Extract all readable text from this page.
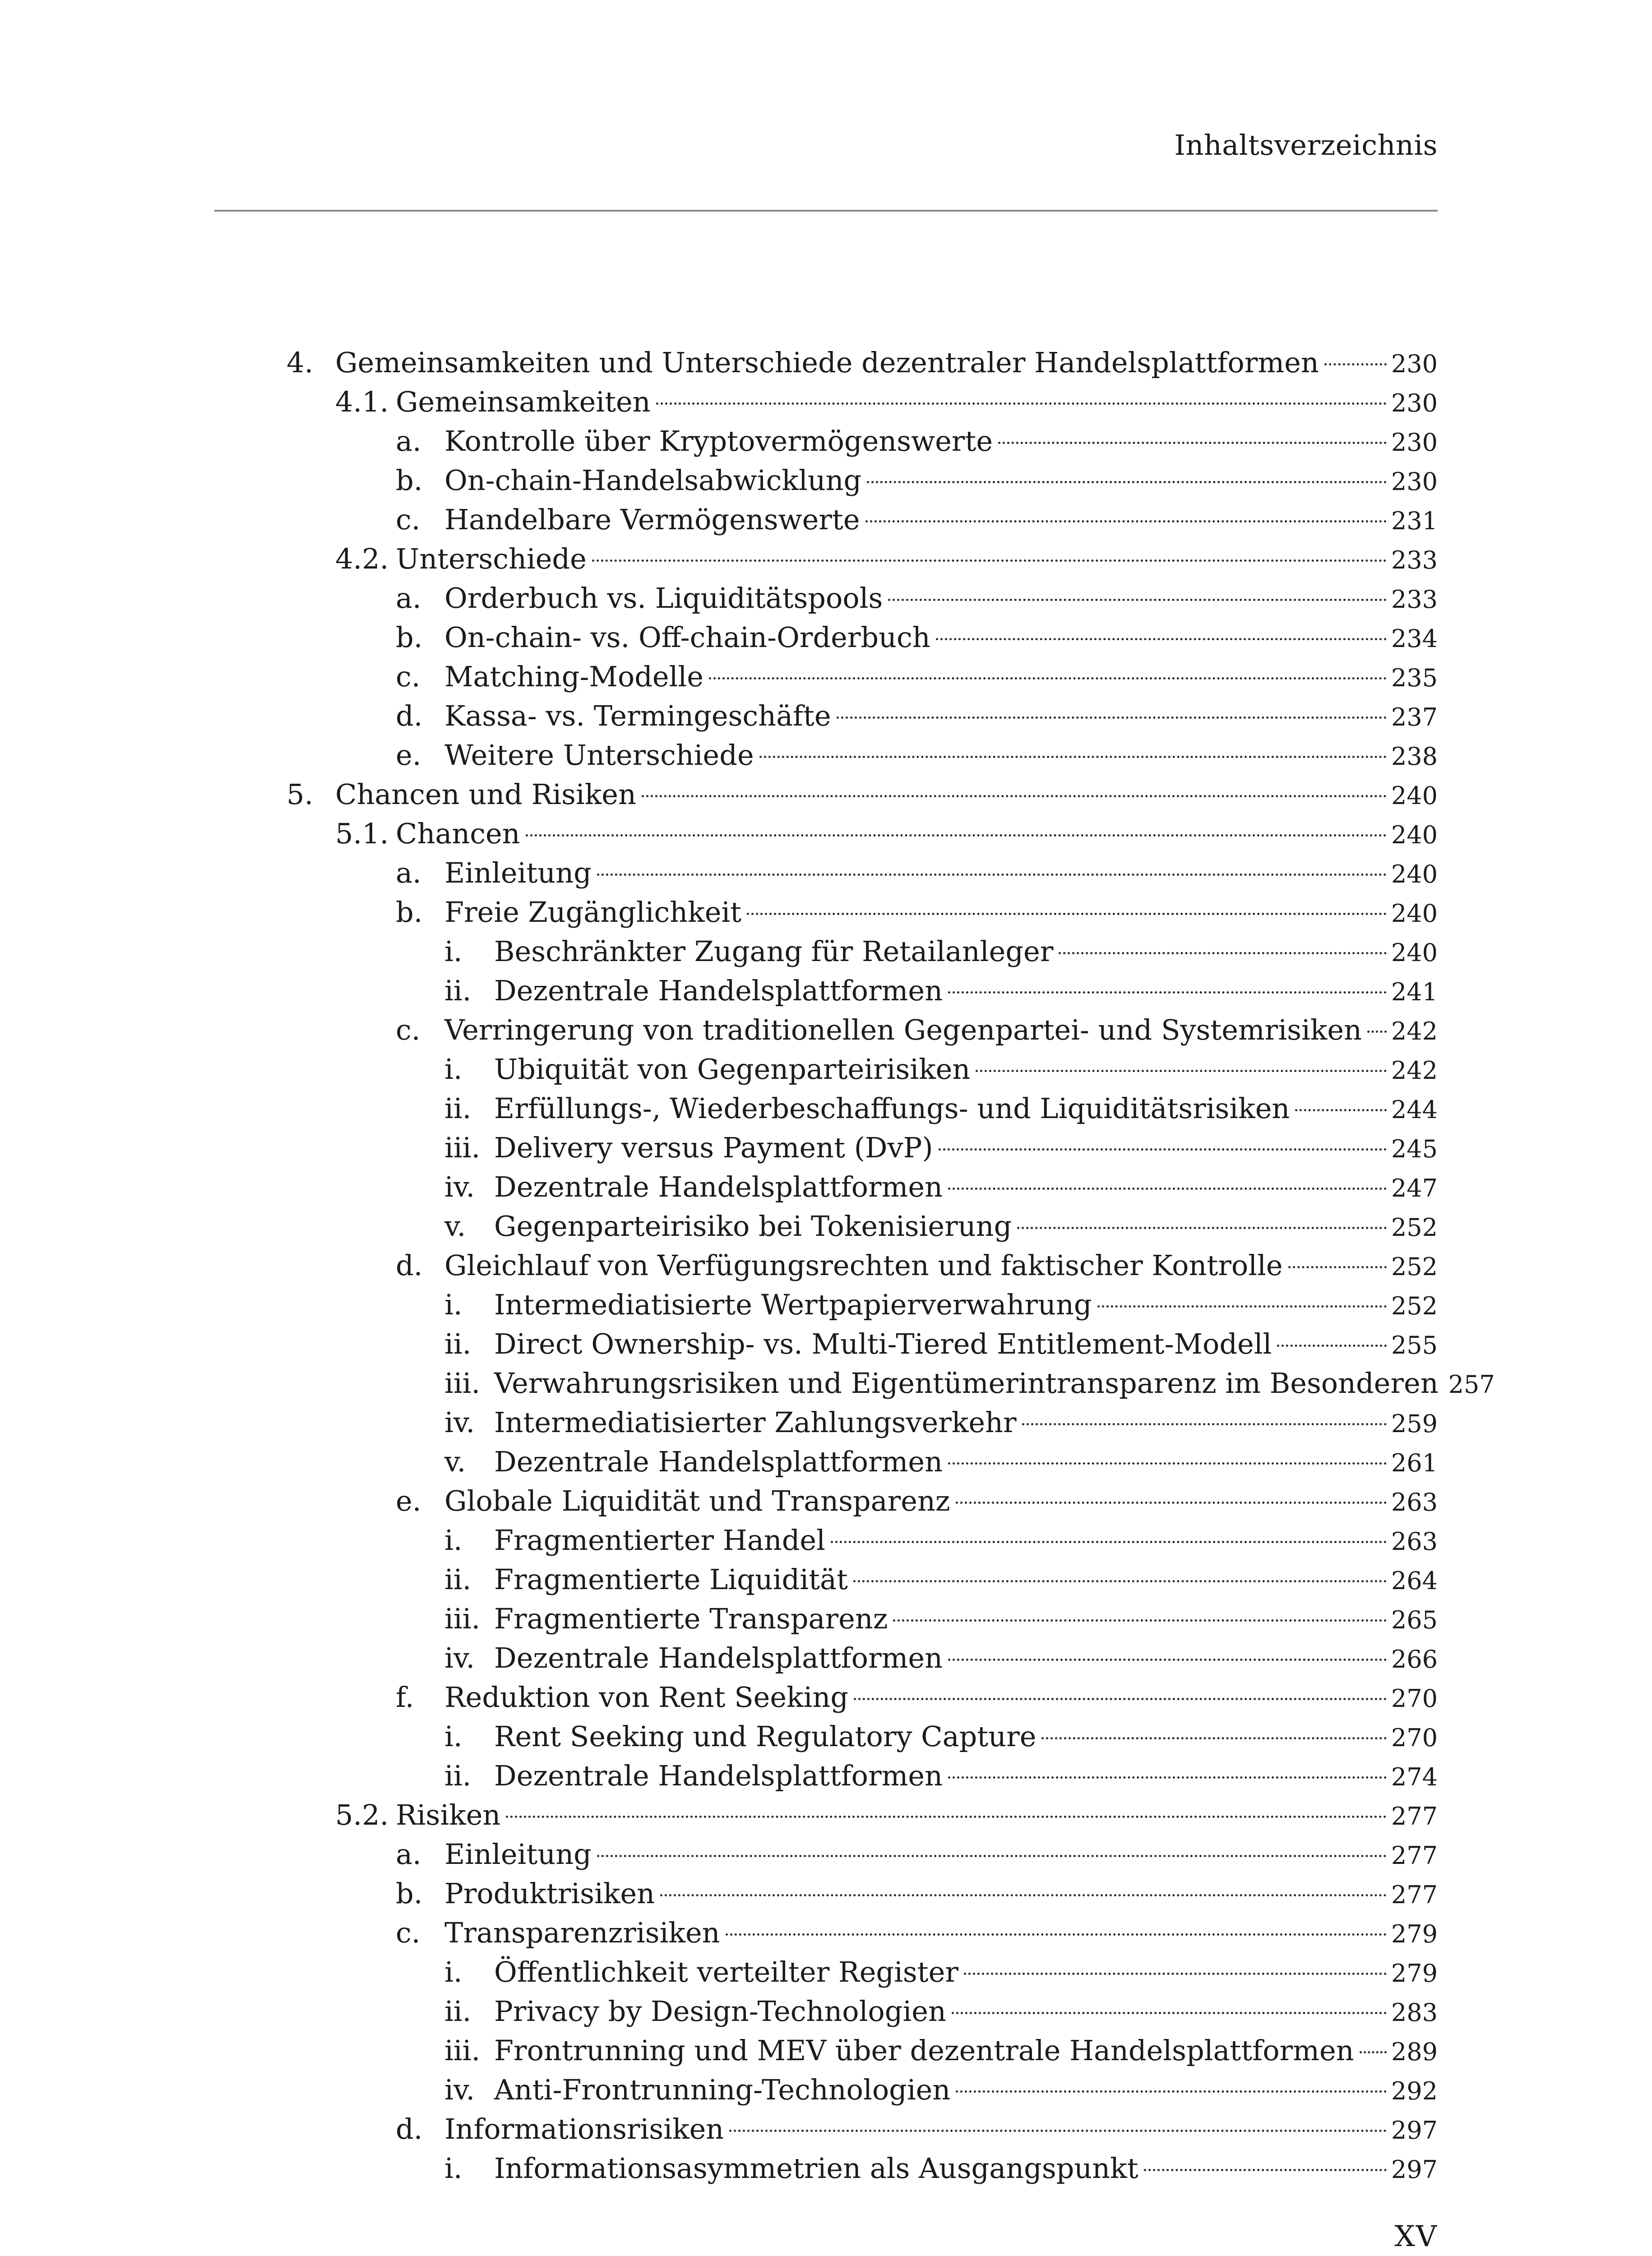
Inhaltsverzeichnis
4. Gemeinsamkeiten und Unterschiede dezentraler Handelsplattformen	230
4.1. Gemeinsamkeiten	230
a. Kontrolle über Kryptovermögenswerte	230
b. On-chain-Handelsabwicklung	230
c. Handelbare Vermögenswerte	231
4.2. Unterschiede	233
a. Orderbuch vs. Liquiditätspools	233
b. On-chain- vs. Off-chain-Orderbuch	234
c. Matching-Modelle	235
d. Kassa- vs. Termingeschäfte	237
e. Weitere Unterschiede	238
5. Chancen und Risiken	240
5.1. Chancen	240
a. Einleitung	240
b. Freie Zugänglichkeit	240
i. Beschränkter Zugang für Retailanleger	240
ii. Dezentrale Handelsplattformen	241
c. Verringerung von traditionellen Gegenpartei- und Systemrisiken 242
i. Ubiquität von Gegenparteirisiken	242
ii. Erfüllungs-, Wiederbeschaffungs- und Liquiditätsrisiken	244
iii. Delivery versus Payment (DvP)	245
iv. Dezentrale Handelsplattformen	247
v. Gegenparteirisiko bei Tokenisierung	252
d. Gleichlauf von Verfügungsrechten und faktischer Kontrolle	252
i. Intermediatisierte Wertpapierverwahrung	252
ii. Direct Ownership- vs. Multi-Tiered Entitlement-Modell	255
iii. Verwahrungsrisiken und Eigentümerintransparenz im Besonderen 257
iv. Intermediatisierter Zahlungsverkehr	259
v. Dezentrale Handelsplattformen	261
e. Globale Liquidität und Transparenz	263
i. Fragmentierter Handel	263
ii. Fragmentierte Liquidität	264
iii. Fragmentierte Transparenz	265
iv. Dezentrale Handelsplattformen	266
f. Reduktion von Rent Seeking	270
i. Rent Seeking und Regulatory Capture	270
ii. Dezentrale Handelsplattformen	274
5.2. Risiken	277
a. Einleitung	277
b. Produktrisiken	277
c. Transparenzrisiken	279
i. Öffentlichkeit verteilter Register	279
ii. Privacy by Design-Technologien	283
iii. Frontrunning und MEV über dezentrale Handelsplattformen 289
iv. Anti-Frontrunning-Technologien	292
d. Informationsrisiken	297
i. Informationsasymmetrien als Ausgangspunkt	297
XV
